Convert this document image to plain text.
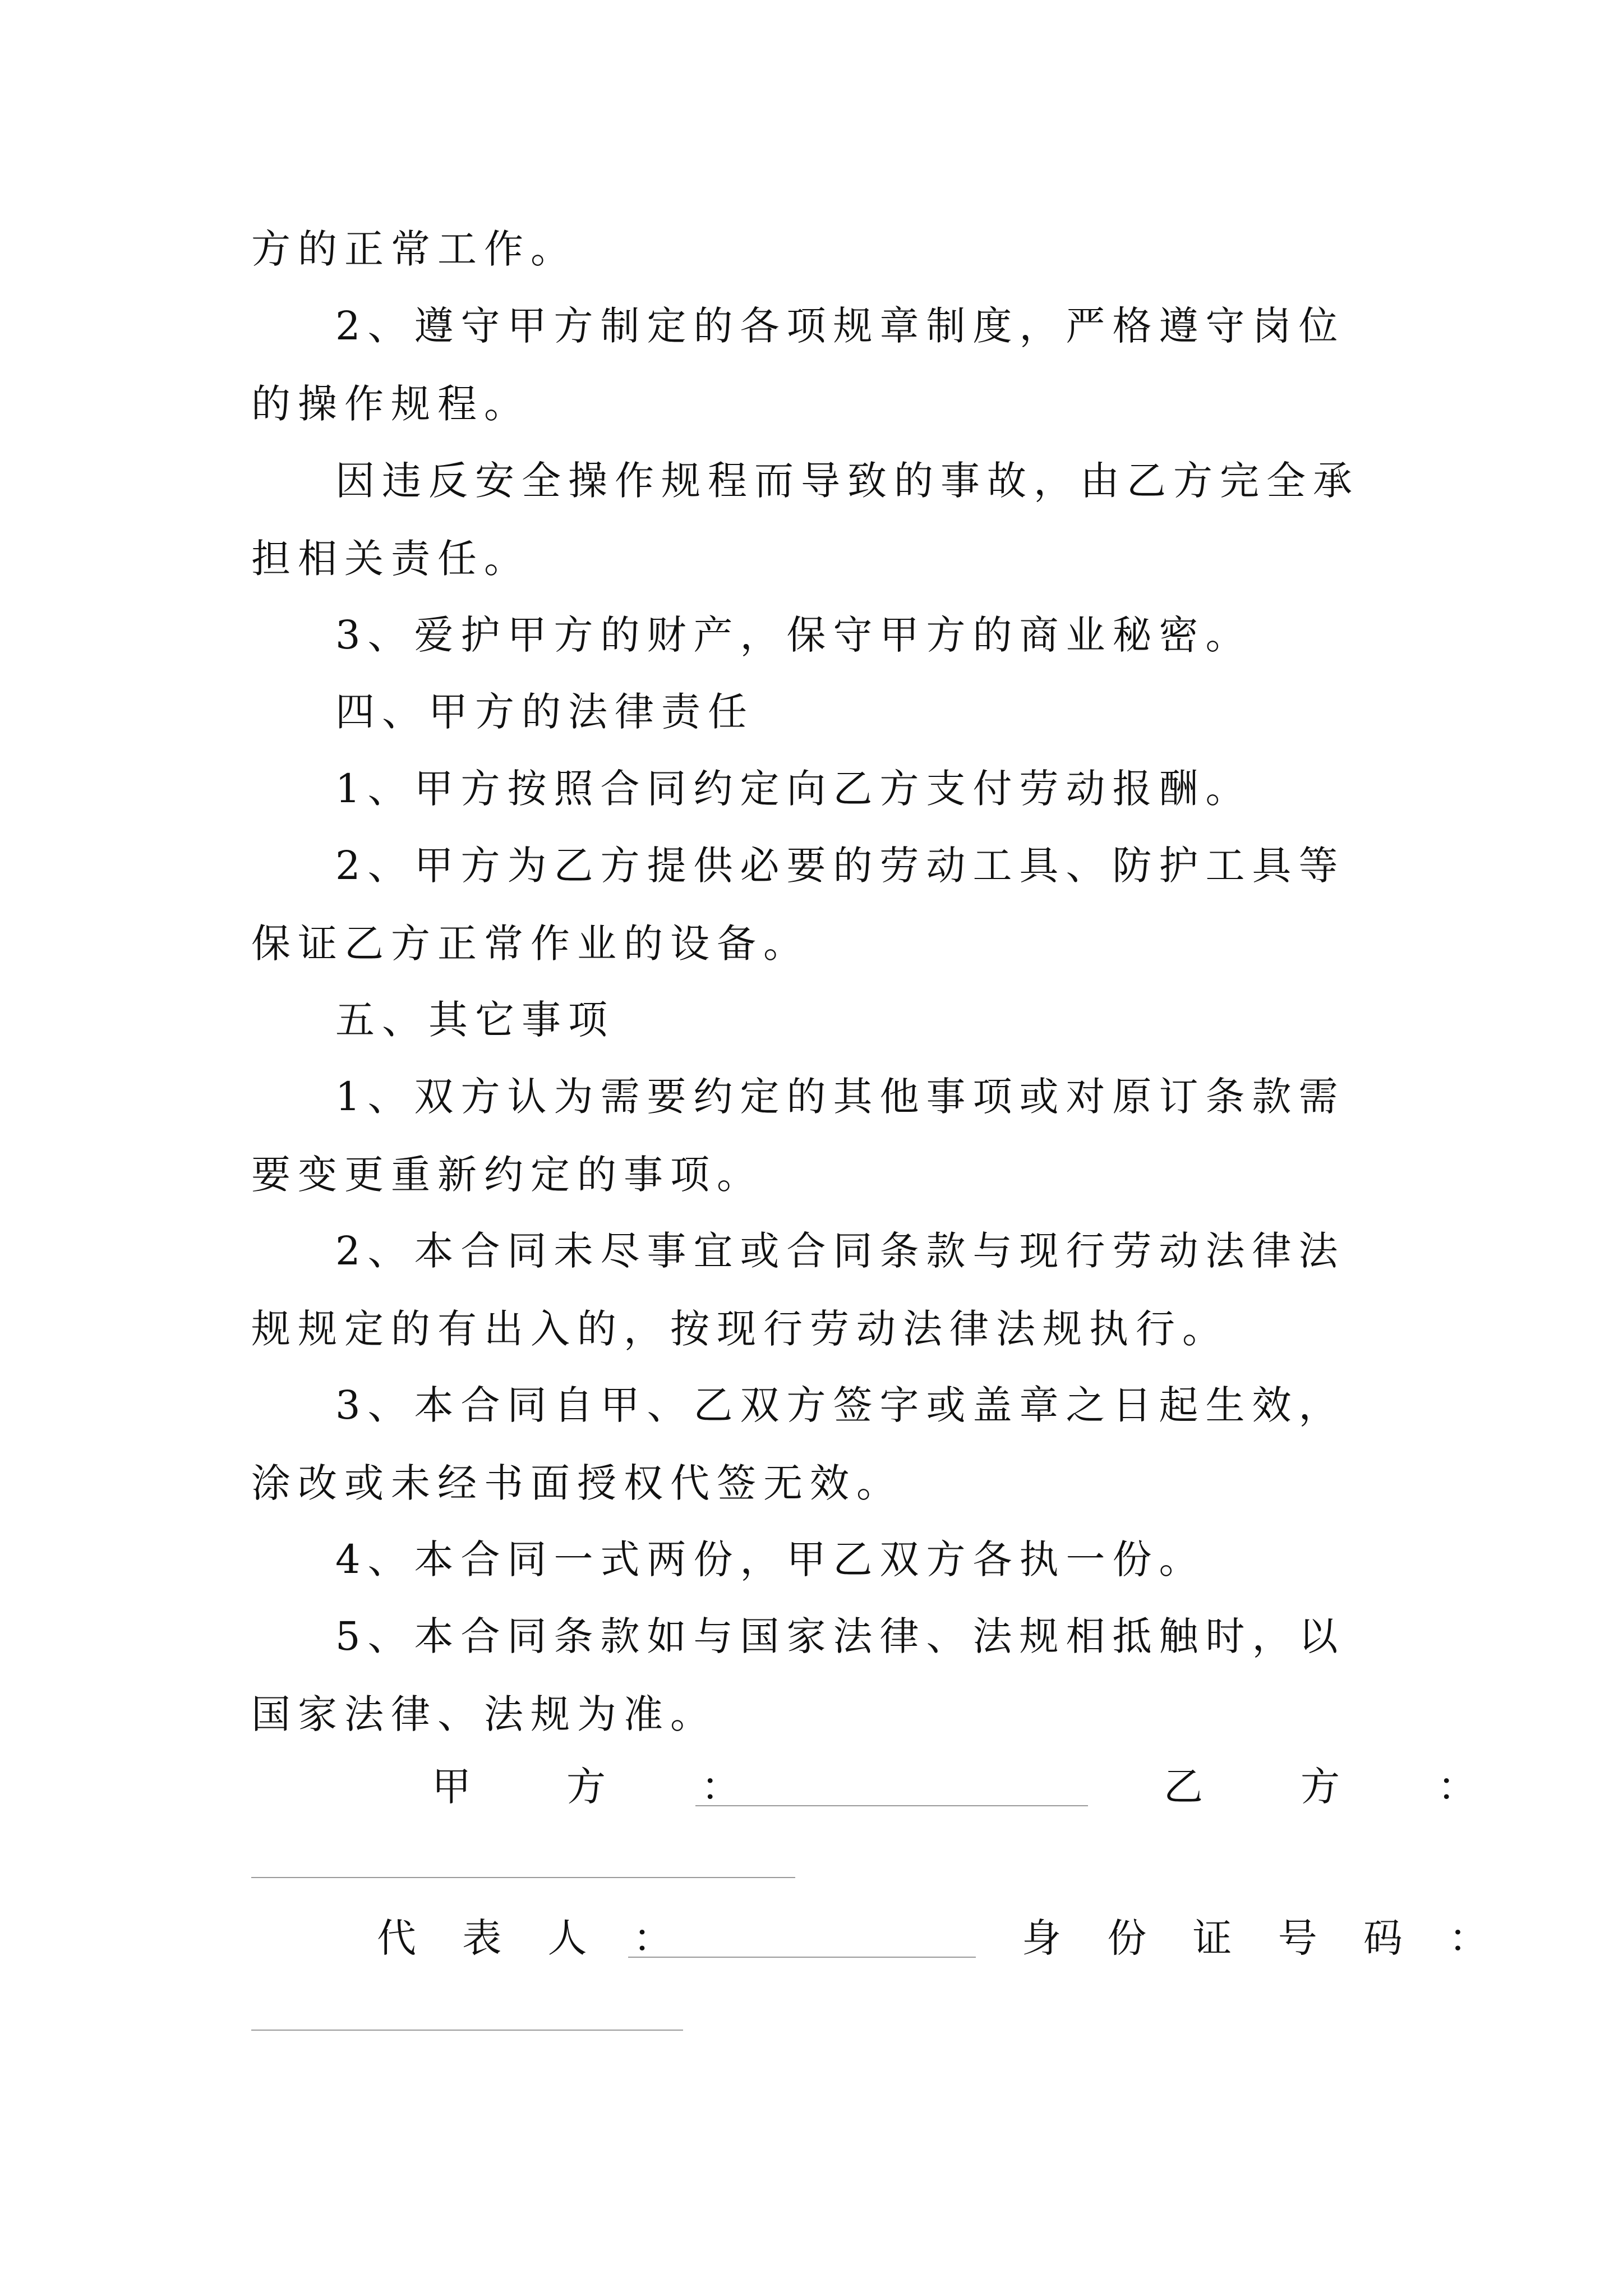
方的正常工作。

2、遵守甲方制定的各项规章制度，严格遵守岗位的操作规程。

因违反安全操作规程而导致的事故，由乙方完全承担相关责任。

3、爱护甲方的财产，保守甲方的商业秘密。

四、甲方的法律责任

1、甲方按照合同约定向乙方支付劳动报酬。

2、甲方为乙方提供必要的劳动工具、防护工具等保证乙方正常作业的设备。

五、其它事项

1、双方认为需要约定的其他事项或对原订条款需要变更重新约定的事项。

2、本合同未尽事宜或合同条款与现行劳动法律法规规定的有出入的，按现行劳动法律法规执行。

3、本合同自甲、乙双方签字或盖章之日起生效，涂改或未经书面授权代签无效。

4、本合同一式两份，甲乙双方各执一份。

5、本合同条款如与国家法律、法规相抵触时，以国家法律、法规为准。

甲　方　：	乙　方　：
代 表 人 ：	身 份 证 号 码 ：
